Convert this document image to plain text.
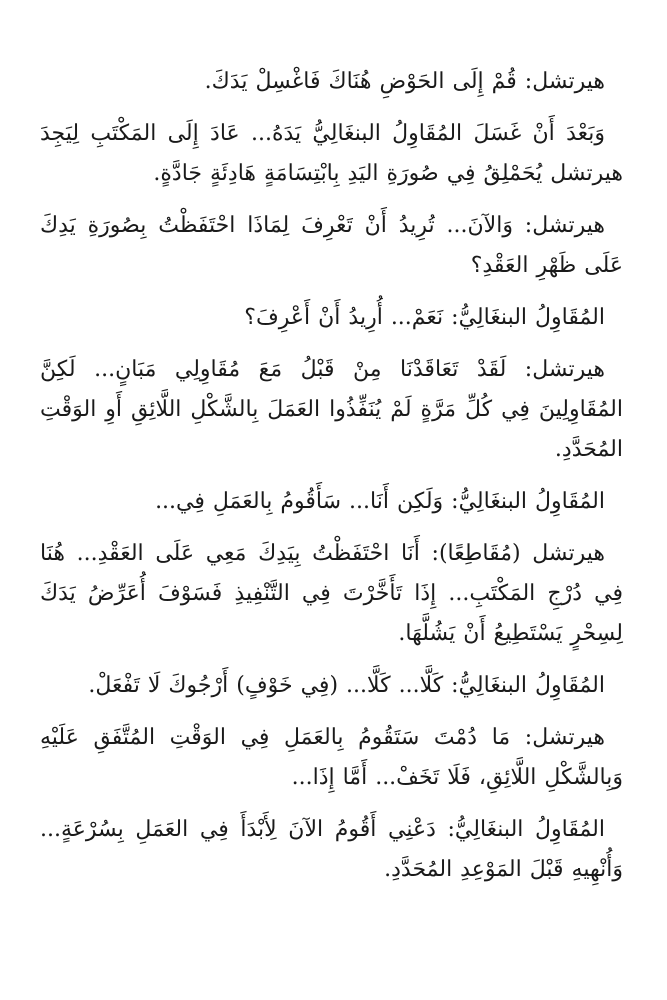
هيرتشل: قُمْ إِلَى الحَوْضِ هُنَاكَ فَاغْسِلْ يَدَكَ.

وَبَعْدَ أَنْ غَسَلَ المُقَاوِلُ البنغَالِيُّ يَدَهُ... عَادَ إِلَى المَكْتَبِ لِيَجِدَ هيرتشل يُحَمْلِقُ فِي صُورَةِ اليَدِ بِابْتِسَامَةٍ هَادِئَةٍ جَادَّةٍ.

هيرتشل: وَالآنَ... تُرِيدُ أَنْ تَعْرِفَ لِمَاذَا احْتَفَظْتُ بِصُورَةِ يَدِكَ عَلَى ظَهْرِ العَقْدِ؟

المُقَاوِلُ البنغَالِيُّ: نَعَمْ... أُرِيدُ أَنْ أَعْرِفَ؟

هيرتشل: لَقَدْ تَعَاقَدْنَا مِنْ قَبْلُ مَعَ مُقَاوِلِي مَبَانٍ... لَكِنَّ المُقَاوِلِينَ فِي كُلِّ مَرَّةٍ لَمْ يُنَفِّذُوا العَمَلَ بِالشَّكْلِ اللَّائِقِ أَوِ الوَقْتِ المُحَدَّدِ.

المُقَاوِلُ البنغَالِيُّ: وَلَكِن أَنَا... سَأَقُومُ بِالعَمَلِ فِي...

هيرتشل (مُقَاطِعًا): أَنَا احْتَفَظْتُ بِيَدِكَ مَعِي عَلَى العَقْدِ... هُنَا فِي دُرْجِ المَكْتَبِ... إِذَا تَأَخَّرْتَ فِي التَّنْفِيذِ فَسَوْفَ أُعَرِّضُ يَدَكَ لِسِحْرٍ يَسْتَطِيعُ أَنْ يَشُلَّهَا.

المُقَاوِلُ البنغَالِيُّ: كَلَّا... كَلَّا... (فِي خَوْفٍ) أَرْجُوكَ لَا تَفْعَلْ.

هيرتشل: مَا دُمْتَ سَتَقُومُ بِالعَمَلِ فِي الوَقْتِ المُتَّفَقِ عَلَيْهِ وَبِالشَّكْلِ اللَّائِقِ، فَلَا تَخَفْ... أَمَّا إِذَا...

المُقَاوِلُ البنغَالِيُّ: دَعْنِي أَقُومُ الآنَ لِأَبْدَأَ فِي العَمَلِ بِسُرْعَةٍ... وَأُنْهِيهِ قَبْلَ المَوْعِدِ المُحَدَّدِ.
